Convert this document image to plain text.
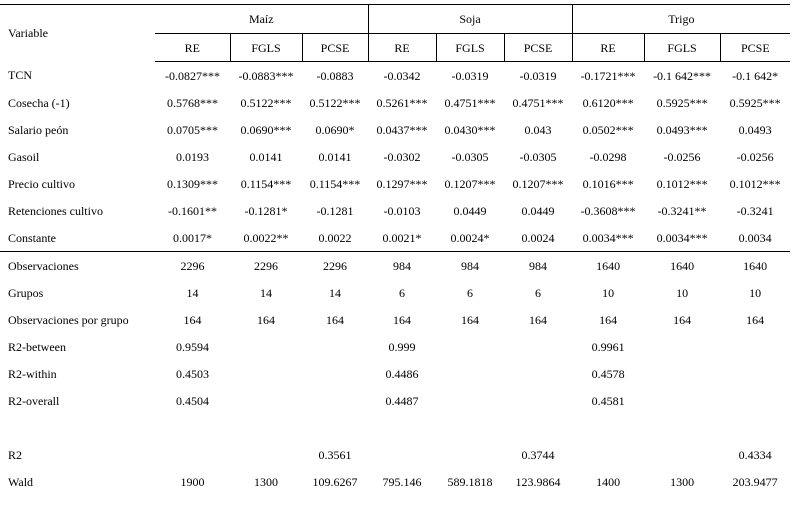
Variable	Maíz			Soja			Trigo		
	RE	FGLS	PCSE	RE	FGLS	PCSE	RE	FGLS	PCSE
TCN	-0.0827***	-0.0883***	-0.0883	-0.0342	-0.0319	-0.0319	-0.1721***	-0.1 642***	-0.1 642*
Cosecha (-1)	0.5768***	0.5122***	0.5122***	0.5261***	0.4751***	0.4751***	0.6120***	0.5925***	0.5925***
Salario peón	0.0705***	0.0690***	0.0690*	0.0437***	0.0430***	0.043	0.0502***	0.0493***	0.0493
Gasoil	0.0193	0.0141	0.0141	-0.0302	-0.0305	-0.0305	-0.0298	-0.0256	-0.0256
Precio cultivo	0.1309***	0.1154***	0.1154***	0.1297***	0.1207***	0.1207***	0.1016***	0.1012***	0.1012***
Retenciones cultivo	-0.1601**	-0.1281*	-0.1281	-0.0103	0.0449	0.0449	-0.3608***	-0.3241**	-0.3241
Constante	0.0017*	0.0022**	0.0022	0.0021*	0.0024*	0.0024	0.0034***	0.0034***	0.0034
Observaciones	2296	2296	2296	984	984	984	1640	1640	1640
Grupos	14	14	14	6	6	6	10	10	10
Observaciones por grupo	164	164	164	164	164	164	164	164	164
R2-between	0.9594			0.999			0.9961		
R2-within	0.4503			0.4486			0.4578		
R2-overall	0.4504			0.4487			0.4581		

R2			0.3561			0.3744			0.4334
Wald	1900	1300	109.6267	795.146	589.1818	123.9864	1400	1300	203.9477
